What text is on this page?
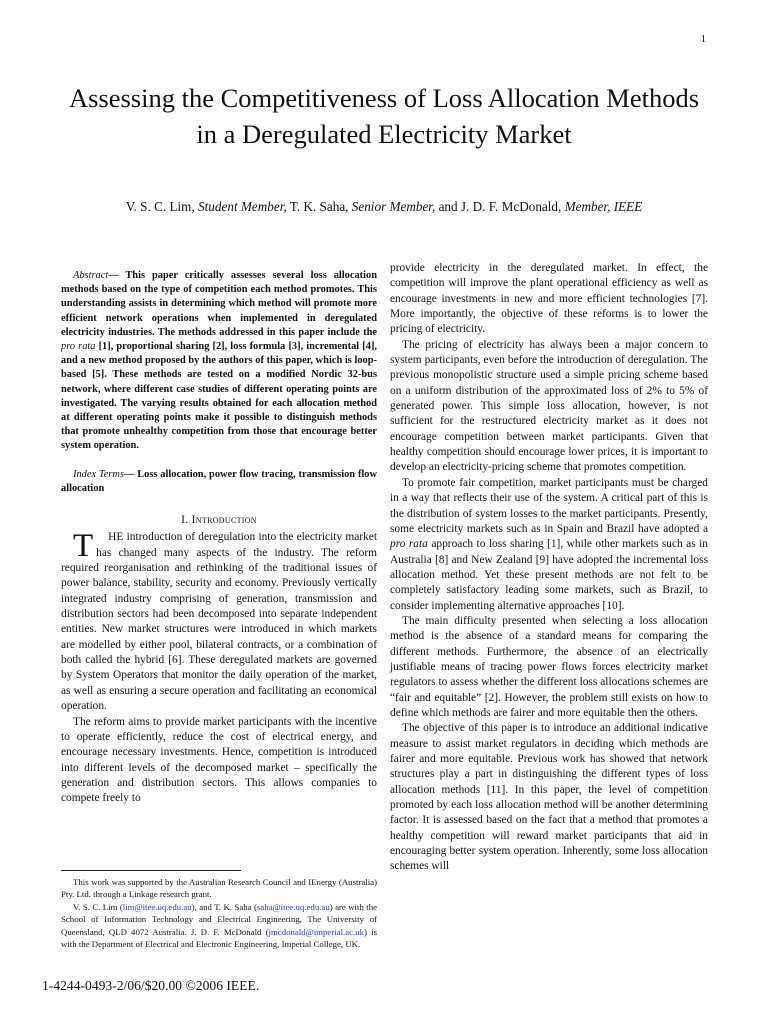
1
Assessing the Competitiveness of Loss Allocation Methods in a Deregulated Electricity Market
V. S. C. Lim, Student Member, T. K. Saha, Senior Member, and J. D. F. McDonald, Member, IEEE

Abstract— This paper critically assesses several loss allocation methods based on the type of competition each method promotes. This understanding assists in determining which method will promote more efficient network operations when implemented in deregulated electricity industries. The methods addressed in this paper include the pro rata [1], proportional sharing [2], loss formula [3], incremental [4], and a new method proposed by the authors of this paper, which is loop-based [5]. These methods are tested on a modified Nordic 32-bus network, where different case studies of different operating points are investigated. The varying results obtained for each allocation method at different operating points make it possible to distinguish methods that promote unhealthy competition from those that encourage better system operation.

Index Terms— Loss allocation, power flow tracing, transmission flow allocation

I. Introduction

T HE introduction of deregulation into the electricity market has changed many aspects of the industry. The reform required reorganisation and rethinking of the traditional issues of power balance, stability, security and economy. Previously vertically integrated industry comprising of generation, transmission and distribution sectors had been decomposed into separate independent entities. New market structures were introduced in which markets are modelled by either pool, bilateral contracts, or a combination of both called the hybrid [6]. These deregulated markets are governed by System Operators that monitor the daily operation of the market, as well as ensuring a secure operation and facilitating an economical operation.

The reform aims to provide market participants with the incentive to operate efficiently, reduce the cost of electrical energy, and encourage necessary investments. Hence, competition is introduced into different levels of the decomposed market – specifically the generation and distribution sectors. This allows companies to compete freely to

provide electricity in the deregulated market. In effect, the competition will improve the plant operational efficiency as well as encourage investments in new and more efficient technologies [7]. More importantly, the objective of these reforms is to lower the pricing of electricity.

The pricing of electricity has always been a major concern to system participants, even before the introduction of deregulation. The previous monopolistic structure used a simple pricing scheme based on a uniform distribution of the approximated loss of 2% to 5% of generated power. This simple loss allocation, however, is not sufficient for the restructured electricity market as it does not encourage competition between market participants. Given that healthy competition should encourage lower prices, it is important to develop an electricity-pricing scheme that promotes competition.

To promote fair competition, market participants must be charged in a way that reflects their use of the system. A critical part of this is the distribution of system losses to the market participants. Presently, some electricity markets such as in Spain and Brazil have adopted a pro rata approach to loss sharing [1], while other markets such as in Australia [8] and New Zealand [9] have adopted the incremental loss allocation method. Yet these present methods are not felt to be completely satisfactory leading some markets, such as Brazil, to consider implementing alternative approaches [10].

The main difficulty presented when selecting a loss allocation method is the absence of a standard means for comparing the different methods. Furthermore, the absence of an electrically justifiable means of tracing power flows forces electricity market regulators to assess whether the different loss allocations schemes are “fair and equitable” [2]. However, the problem still exists on how to define which methods are fairer and more equitable then the others.

The objective of this paper is to introduce an additional indicative measure to assist market regulators in deciding which methods are fairer and more equitable. Previous work has showed that network structures play a part in distinguishing the different types of loss allocation methods [11]. In this paper, the level of competition promoted by each loss allocation method will be another determining factor. It is assessed based on the fact that a method that promotes a healthy competition will reward market participants that aid in encouraging better system operation. Inherently, some loss allocation schemes will

This work was supported by the Australian Research Council and IEnergy (Australia) Pty. Ltd. through a Linkage research grant.

V. S. C. Lim (lim@itee.uq.edu.au), and T. K. Saha (saha@itee.uq.edu.au) are with the School of Information Technology and Electrical Engineering, The University of Queensland, QLD 4072 Australia. J. D. F. McDonald (jmcdonald@imperial.ac.uk) is with the Department of Electrical and Electronic Engineering, Imperial College, UK.

1-4244-0493-2/06/$20.00 ©2006 IEEE.
